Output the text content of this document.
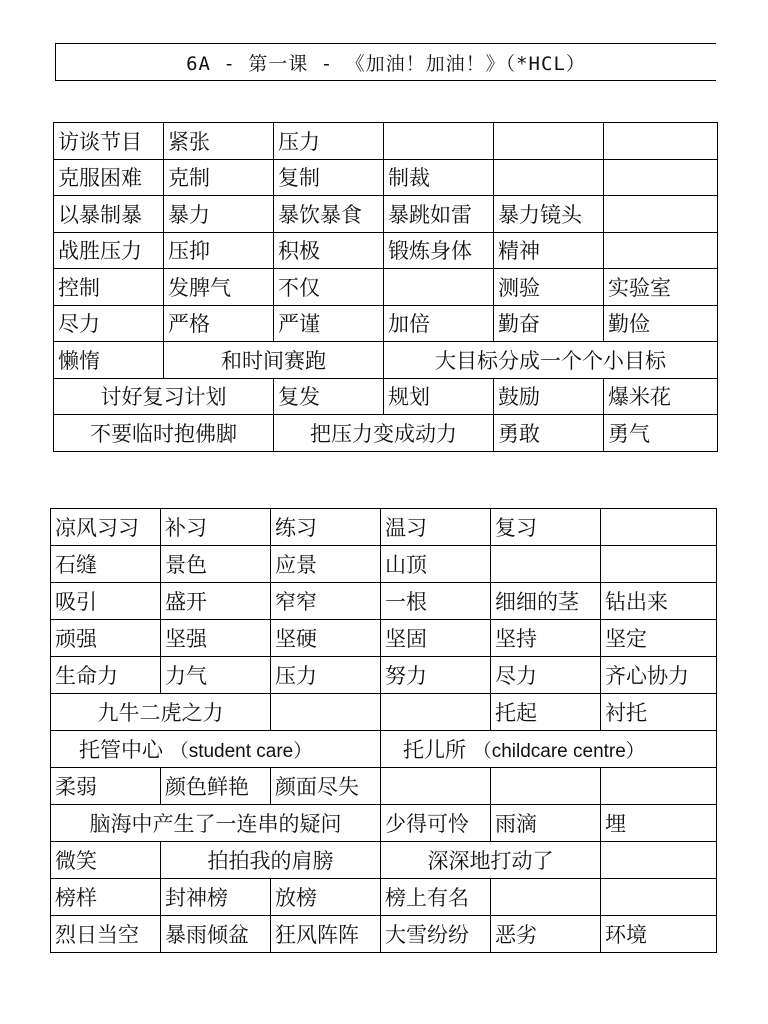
6A - 第一课 - 《加油！加油！》（*HCL）
访谈节目	紧张	压力			
克服困难	克制	复制	制裁		
以暴制暴	暴力	暴饮暴食	暴跳如雷	暴力镜头	
战胜压力	压抑	积极	锻炼身体	精神	
控制	发脾气	不仅		测验	实验室
尽力	严格	严谨	加倍	勤奋	勤俭
懒惰	和时间赛跑		大目标分成一个个小目标		
讨好复习计划		复发	规划	鼓励	爆米花
不要临时抱佛脚		把压力变成动力		勇敢	勇气
凉风习习	补习	练习	温习	复习	
石缝	景色	应景	山顶		
吸引	盛开	窄窄	一根	细细的茎	钻出来
顽强	坚强	坚硬	坚固	坚持	坚定
生命力	力气	压力	努力	尽力	齐心协力
九牛二虎之力				托起	衬托
托管中心 （student care）			托儿所 （childcare centre）		
柔弱	颜色鲜艳	颜面尽失			
脑海中产生了一连串的疑问			少得可怜	雨滴	埋
微笑	拍拍我的肩膀		深深地打动了		
榜样	封神榜	放榜	榜上有名		
烈日当空	暴雨倾盆	狂风阵阵	大雪纷纷	恶劣	环境
